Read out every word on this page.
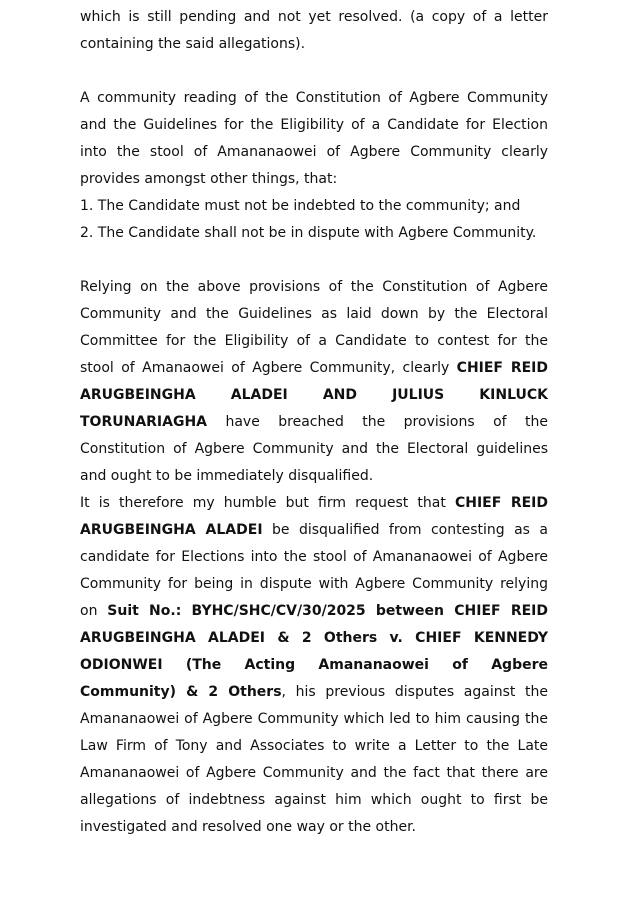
which is still pending and not yet resolved. (a copy of a letter containing the said allegations).

A community reading of the Constitution of Agbere Community and the Guidelines for the Eligibility of a Candidate for Election into the stool of Amananaowei of Agbere Community clearly provides amongst other things, that:

1. The Candidate must not be indebted to the community; and

2. The Candidate shall not be in dispute with Agbere Community.

Relying on the above provisions of the Constitution of Agbere Community and the Guidelines as laid down by the Electoral Committee for the Eligibility of a Candidate to contest for the stool of Amanaowei of Agbere Community, clearly CHIEF REID ARUGBEINGHA ALADEI AND JULIUS KINLUCK TORUNARIAGHA have breached the provisions of the Constitution of Agbere Community and the Electoral guidelines and ought to be immediately disqualified.

It is therefore my humble but firm request that CHIEF REID ARUGBEINGHA ALADEI be disqualified from contesting as a candidate for Elections into the stool of Amananaowei of Agbere Community for being in dispute with Agbere Community relying on Suit No.: BYHC/SHC/CV/30/2025 between CHIEF REID ARUGBEINGHA ALADEI & 2 Others v. CHIEF KENNEDY ODIONWEI (The Acting Amananaowei of Agbere Community) & 2 Others, his previous disputes against the Amananaowei of Agbere Community which led to him causing the Law Firm of Tony and Associates to write a Letter to the Late Amananaowei of Agbere Community and the fact that there are allegations of indebtness against him which ought to first be investigated and resolved one way or the other.
